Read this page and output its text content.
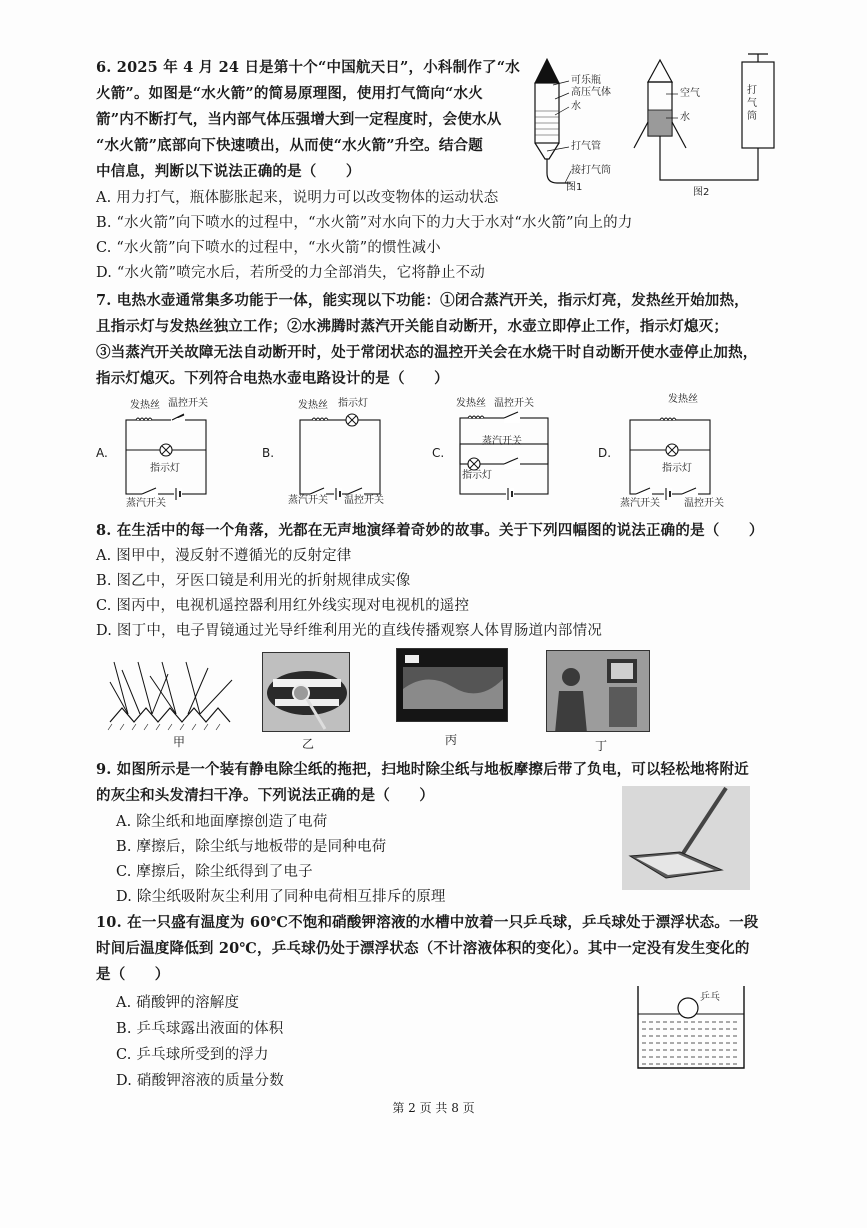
6. 2025 年 4 月 24 日是第十个“中国航天日”，小科制作了“水
火箭”。如图是“水火箭”的简易原理图，使用打气筒向“水火
箭”内不断打气，当内部气体压强增大到一定程度时，会使水从
“水火箭”底部向下快速喷出，从而使“水火箭”升空。结合题
中信息，判断以下说法正确的是（　　）
A. 用力打气，瓶体膨胀起来，说明力可以改变物体的运动状态
B. “水火箭”向下喷水的过程中，“水火箭”对水向下的力大于水对“水火箭”向上的力
C. “水火箭”向下喷水的过程中，“水火箭”的惯性减小
D. “水火箭”喷完水后，若所受的力全部消失，它将静止不动
可乐瓶
高压气体
水
打气管
接打气筒
图1
空气
水
打气筒
图2
7. 电热水壶通常集多功能于一体，能实现以下功能：①闭合蒸汽开关，指示灯亮，发热丝开始加热，
且指示灯与发热丝独立工作；②水沸腾时蒸汽开关能自动断开，水壶立即停止工作，指示灯熄灭；
③当蒸汽开关故障无法自动断开时，处于常闭状态的温控开关会在水烧干时自动断开使水壶停止加热，
指示灯熄灭。下列符合电热水壶电路设计的是（　　）
A.
发热丝 温控开关
指示灯
蒸汽开关
B.
发热丝 指示灯
蒸汽开关 温控开关
C.
发热丝 温控开关
蒸汽开关
指示灯
D.
发热丝
指示灯
蒸汽开关 温控开关
8. 在生活中的每一个角落，光都在无声地演绎着奇妙的故事。关于下列四幅图的说法正确的是（　　）
A. 图甲中，漫反射不遵循光的反射定律
B. 图乙中，牙医口镜是利用光的折射规律成实像
C. 图丙中，电视机遥控器利用红外线实现对电视机的遥控
D. 图丁中，电子胃镜通过光导纤维利用光的直线传播观察人体胃肠道内部情况
甲	乙	丙	丁
9. 如图所示是一个装有静电除尘纸的拖把，扫地时除尘纸与地板摩擦后带了负电，可以轻松地将附近
的灰尘和头发清扫干净。下列说法正确的是（　　）
A. 除尘纸和地面摩擦创造了电荷
B. 摩擦后，除尘纸与地板带的是同种电荷
C. 摩擦后，除尘纸得到了电子
D. 除尘纸吸附灰尘利用了同种电荷相互排斥的原理
10. 在一只盛有温度为 60℃不饱和硝酸钾溶液的水槽中放着一只乒乓球，乒乓球处于漂浮状态。一段
时间后温度降低到 20℃，乒乓球仍处于漂浮状态（不计溶液体积的变化）。其中一定没有发生变化的
是（　　）
A. 硝酸钾的溶解度
B. 乒乓球露出液面的体积
C. 乒乓球所受到的浮力
D. 硝酸钾溶液的质量分数
乒乓
第 2 页 共 8 页
